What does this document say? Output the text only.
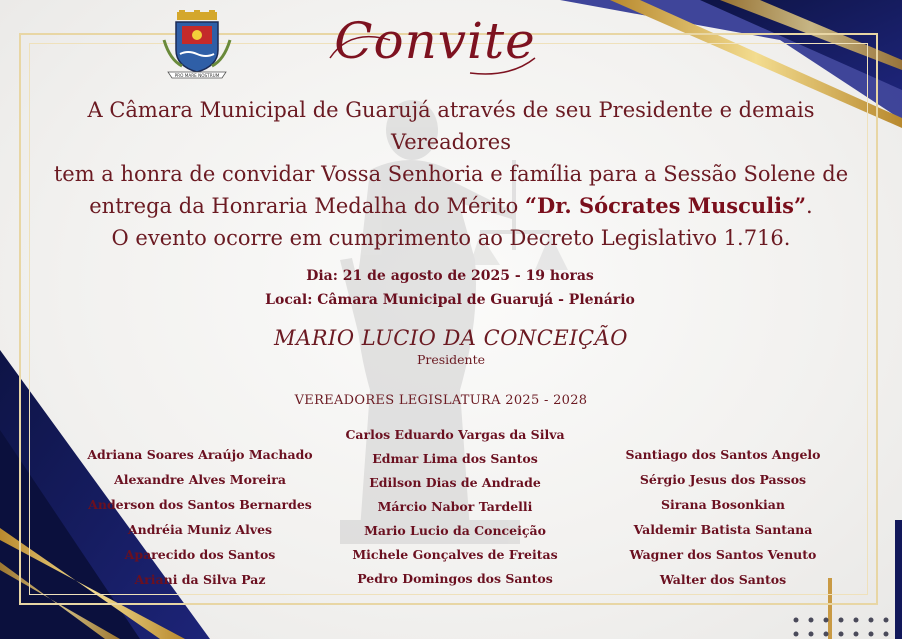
PRO MARE NOSTRUM
Convite
A Câmara Municipal de Guarujá através de seu Presidente e demais Vereadores
tem a honra de convidar Vossa Senhoria e família para a Sessão Solene de
entrega da Honraria Medalha do Mérito “Dr. Sócrates Musculis”.
O evento ocorre em cumprimento ao Decreto Legislativo 1.716.
Dia: 21 de agosto de 2025 - 19 horas
Local: Câmara Municipal de Guarujá - Plenário
MARIO LUCIO DA CONCEIÇÃO
Presidente
VEREADORES LEGISLATURA 2025 - 2028
Adriana Soares Araújo Machado
Alexandre Alves Moreira
Anderson dos Santos Bernardes
Andréia Muniz Alves
Aparecido dos Santos
Ariani da Silva Paz
Carlos Eduardo Vargas da Silva
Edmar Lima dos Santos
Edilson Dias de Andrade
Márcio Nabor Tardelli
Mario Lucio da Conceição
Michele Gonçalves de Freitas
Pedro Domingos dos Santos
Santiago dos Santos Angelo
Sérgio Jesus dos Passos
Sirana Bosonkian
Valdemir Batista Santana
Wagner dos Santos Venuto
Walter dos Santos
